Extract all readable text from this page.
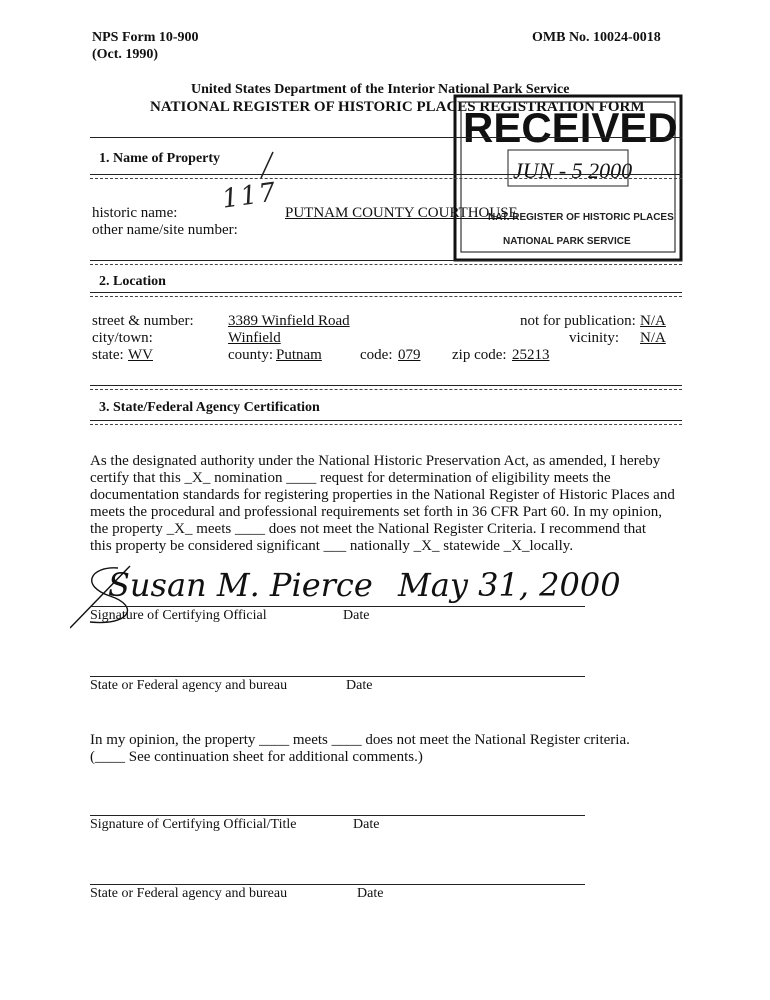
NPS Form 10-900
(Oct. 1990)
OMB No. 10024-0018
United States Department of the Interior National Park Service
NATIONAL REGISTER OF HISTORIC PLACES REGISTRATION FORM
RECEIVED
JUN - 5 2000
NAT. REGISTER OF HISTORIC PLACES
NATIONAL PARK SERVICE
1. Name of Property
117
historic name:	PUTNAM COUNTY COURTHOUSE
other name/site number:
2. Location
street & number: 3389 Winfield Road	not for publication: N/A
city/town:	Winfield	vicinity: N/A
state: WV	county: Putnam	code: 079 zip code: 25213
3. State/Federal Agency Certification
As the designated authority under the National Historic Preservation Act, as amended, I hereby
certify that this _X_ nomination ____ request for determination of eligibility meets the
documentation standards for registering properties in the National Register of Historic Places and
meets the procedural and professional requirements set forth in 36 CFR Part 60. In my opinion,
the property _X_ meets ____ does not meet the National Register Criteria. I recommend that
this property be considered significant ___ nationally _X_ statewide _X_locally.
Susan M. Pierce May 31, 2000
Signature of Certifying Official	Date
State or Federal agency and bureau	Date
In my opinion, the property ____ meets ____ does not meet the National Register criteria.
(____ See continuation sheet for additional comments.)
Signature of Certifying Official/Title	Date
State or Federal agency and bureau	Date
